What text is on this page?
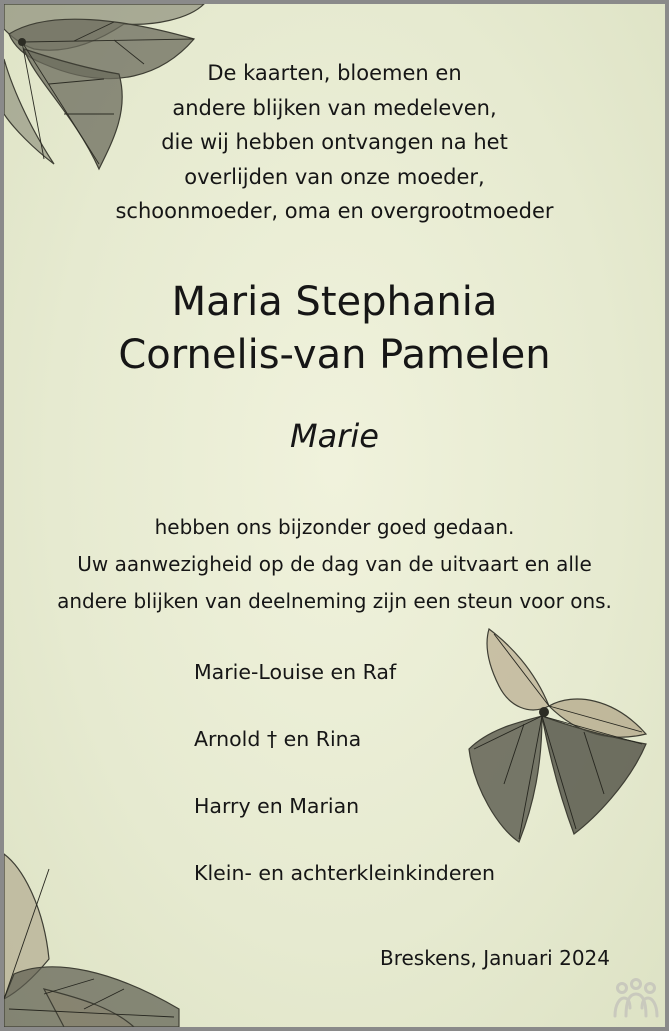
De kaarten, bloemen en
andere blijken van medeleven,
die wij hebben ontvangen na het
overlijden van onze moeder,
schoonmoeder, oma en overgrootmoeder
Maria Stephania
Cornelis-van Pamelen
Marie
hebben ons bijzonder goed gedaan.
Uw aanwezigheid op de dag van de uitvaart en alle
andere blijken van deelneming zijn een steun voor ons.
Marie-Louise en Raf
Arnold † en Rina
Harry en Marian
Klein- en achterkleinkinderen
Breskens, Januari 2024
